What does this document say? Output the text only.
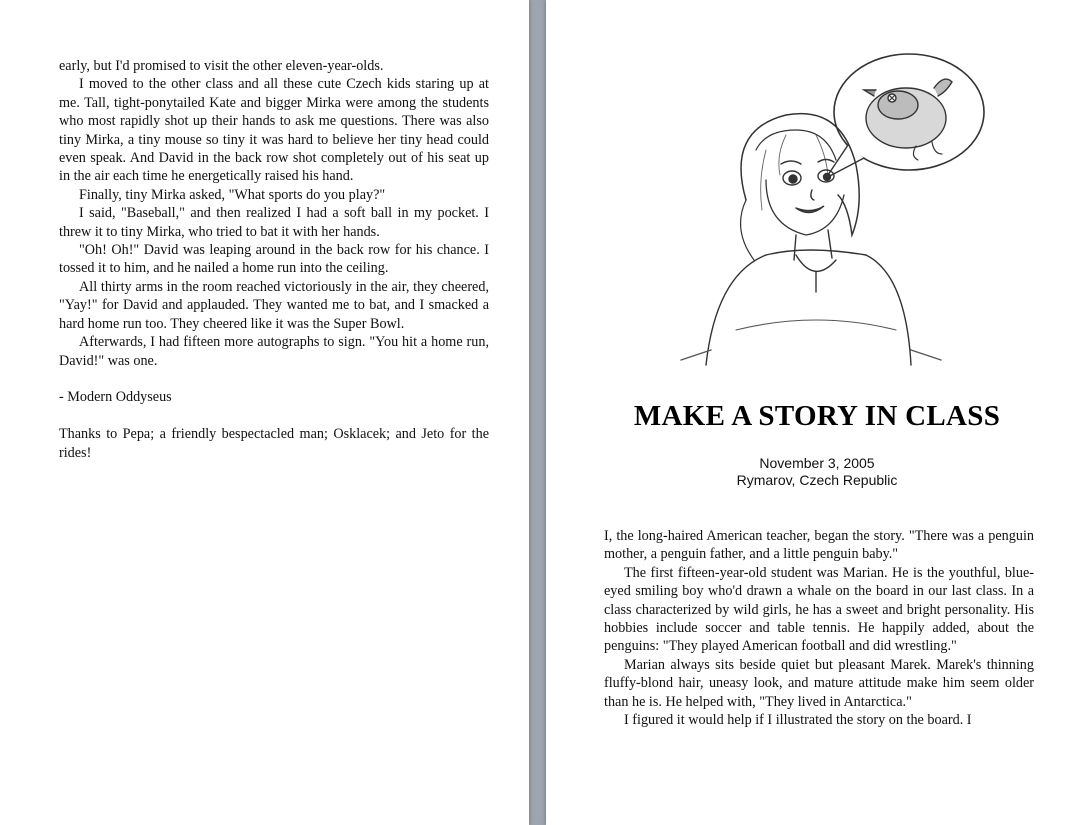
early, but I'd promised to visit the other eleven-year-olds.

I moved to the other class and all these cute Czech kids staring up at me. Tall, tight-ponytailed Kate and bigger Mirka were among the students who most rapidly shot up their hands to ask me questions. There was also tiny Mirka, a tiny mouse so tiny it was hard to believe her tiny head could even speak. And David in the back row shot completely out of his seat up in the air each time he energetically raised his hand.

Finally, tiny Mirka asked, "What sports do you play?"

I said, "Baseball," and then realized I had a soft ball in my pocket. I threw it to tiny Mirka, who tried to bat it with her hands.

"Oh! Oh!" David was leaping around in the back row for his chance. I tossed it to him, and he nailed a home run into the ceiling.

All thirty arms in the room reached victoriously in the air, they cheered, "Yay!" for David and applauded. They wanted me to bat, and I smacked a hard home run too. They cheered like it was the Super Bowl.

Afterwards, I had fifteen more autographs to sign. "You hit a home run, David!" was one.

- Modern Oddyseus

Thanks to Pepa; a friendly bespectacled man; Osklacek; and Jeto for the rides!

MAKE A STORY IN CLASS
November 3, 2005
Rymarov, Czech Republic

I, the long-haired American teacher, began the story. "There was a penguin mother, a penguin father, and a little penguin baby."

The first fifteen-year-old student was Marian. He is the youthful, blue-eyed smiling boy who'd drawn a whale on the board in our last class. In a class characterized by wild girls, he has a sweet and bright personality. His hobbies include soccer and table tennis. He happily added, about the penguins: "They played American football and did wrestling."

Marian always sits beside quiet but pleasant Marek. Marek's thinning fluffy-blond hair, uneasy look, and mature attitude make him seem older than he is. He helped with, "They lived in Antarctica."

I figured it would help if I illustrated the story on the board. I
